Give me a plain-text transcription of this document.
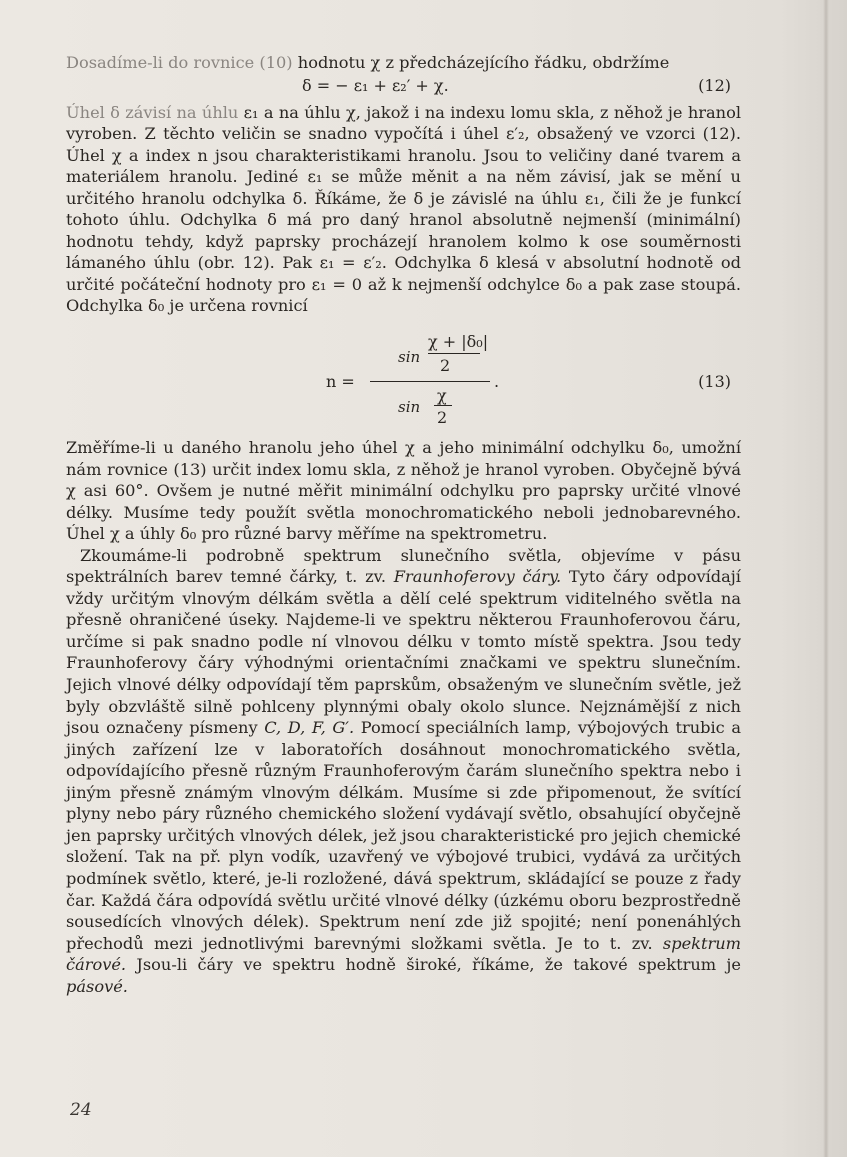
Dosadíme-li do rovnice (10) hodnotu χ z předcházejícího řádku, obdržíme

δ = − ε₁ + ε₂′ + χ.	(12)

Úhel δ závisí na úhlu ε₁ a na úhlu χ, jakož i na indexu lomu skla, z něhož je hranol vyroben. Z těchto veličin se snadno vypočítá i úhel ε′₂, obsažený ve vzorci (12). Úhel χ a index n jsou charakteristikami hranolu. Jsou to veličiny dané tvarem a materiálem hranolu. Jediné ε₁ se může měnit a na něm závisí, jak se mění u určitého hranolu odchylka δ. Říkáme, že δ je závislé na úhlu ε₁, čili že je funkcí tohoto úhlu. Odchylka δ má pro daný hranol absolutně nejmenší (minimální) hodnotu tehdy, když paprsky procházejí hranolem kolmo k ose souměrnosti lámaného úhlu (obr. 12). Pak ε₁ = ε′₂. Odchylka δ klesá v absolutní hodnotě od určité počáteční hodnoty pro ε₁ = 0 až k nejmenší odchylce δ₀ a pak zase stoupá. Odchylka δ₀ je určena rovnicí

n =
sin
χ + |δ₀|
2
sin
χ
2
.	(13)

Změříme-li u daného hranolu jeho úhel χ a jeho minimální odchylku δ₀, umožní nám rovnice (13) určit index lomu skla, z něhož je hranol vyroben. Obyčejně bývá χ asi 60°. Ovšem je nutné měřit minimální odchylku pro paprsky určité vlnové délky. Musíme tedy použít světla monochromatického neboli jednobarevného. Úhel χ a úhly δ₀ pro různé barvy měříme na spektrometru.

Zkoumáme-li podrobně spektrum slunečního světla, objevíme v pásu spektrálních barev temné čárky, t. zv. Fraunhoferovy čáry. Tyto čáry odpovídají vždy určitým vlnovým délkám světla a dělí celé spektrum viditelného světla na přesně ohraničené úseky. Najdeme-li ve spektru některou Fraunhoferovou čáru, určíme si pak snadno podle ní vlnovou délku v tomto místě spektra. Jsou tedy Fraunhoferovy čáry výhodnými orientačními značkami ve spektru slunečním. Jejich vlnové délky odpovídají těm paprskům, obsaženým ve slunečním světle, jež byly obzvláště silně pohlceny plynnými obaly okolo slunce. Nejznámější z nich jsou označeny písmeny C, D, F, G′. Pomocí speciálních lamp, výbojových trubic a jiných zařízení lze v laboratořích dosáhnout monochromatického světla, odpovídajícího přesně různým Fraunhoferovým čarám slunečního spektra nebo i jiným přesně známým vlnovým délkám. Musíme si zde připomenout, že svítící plyny nebo páry různého chemického složení vydávají světlo, obsahující obyčejně jen paprsky určitých vlnových délek, jež jsou charakteristické pro jejich chemické složení. Tak na př. plyn vodík, uzavřený ve výbojové trubici, vydává za určitých podmínek světlo, které, je-li rozložené, dává spektrum, skládající se pouze z řady čar. Každá čára odpovídá světlu určité vlnové délky (úzkému oboru bezprostředně sousedících vlnových délek). Spektrum není zde již spojité; není ponenáhlých přechodů mezi jednotlivými barevnými složkami světla. Je to t. zv. spektrum čárové. Jsou-li čáry ve spektru hodně široké, říkáme, že takové spektrum je pásové.

24
